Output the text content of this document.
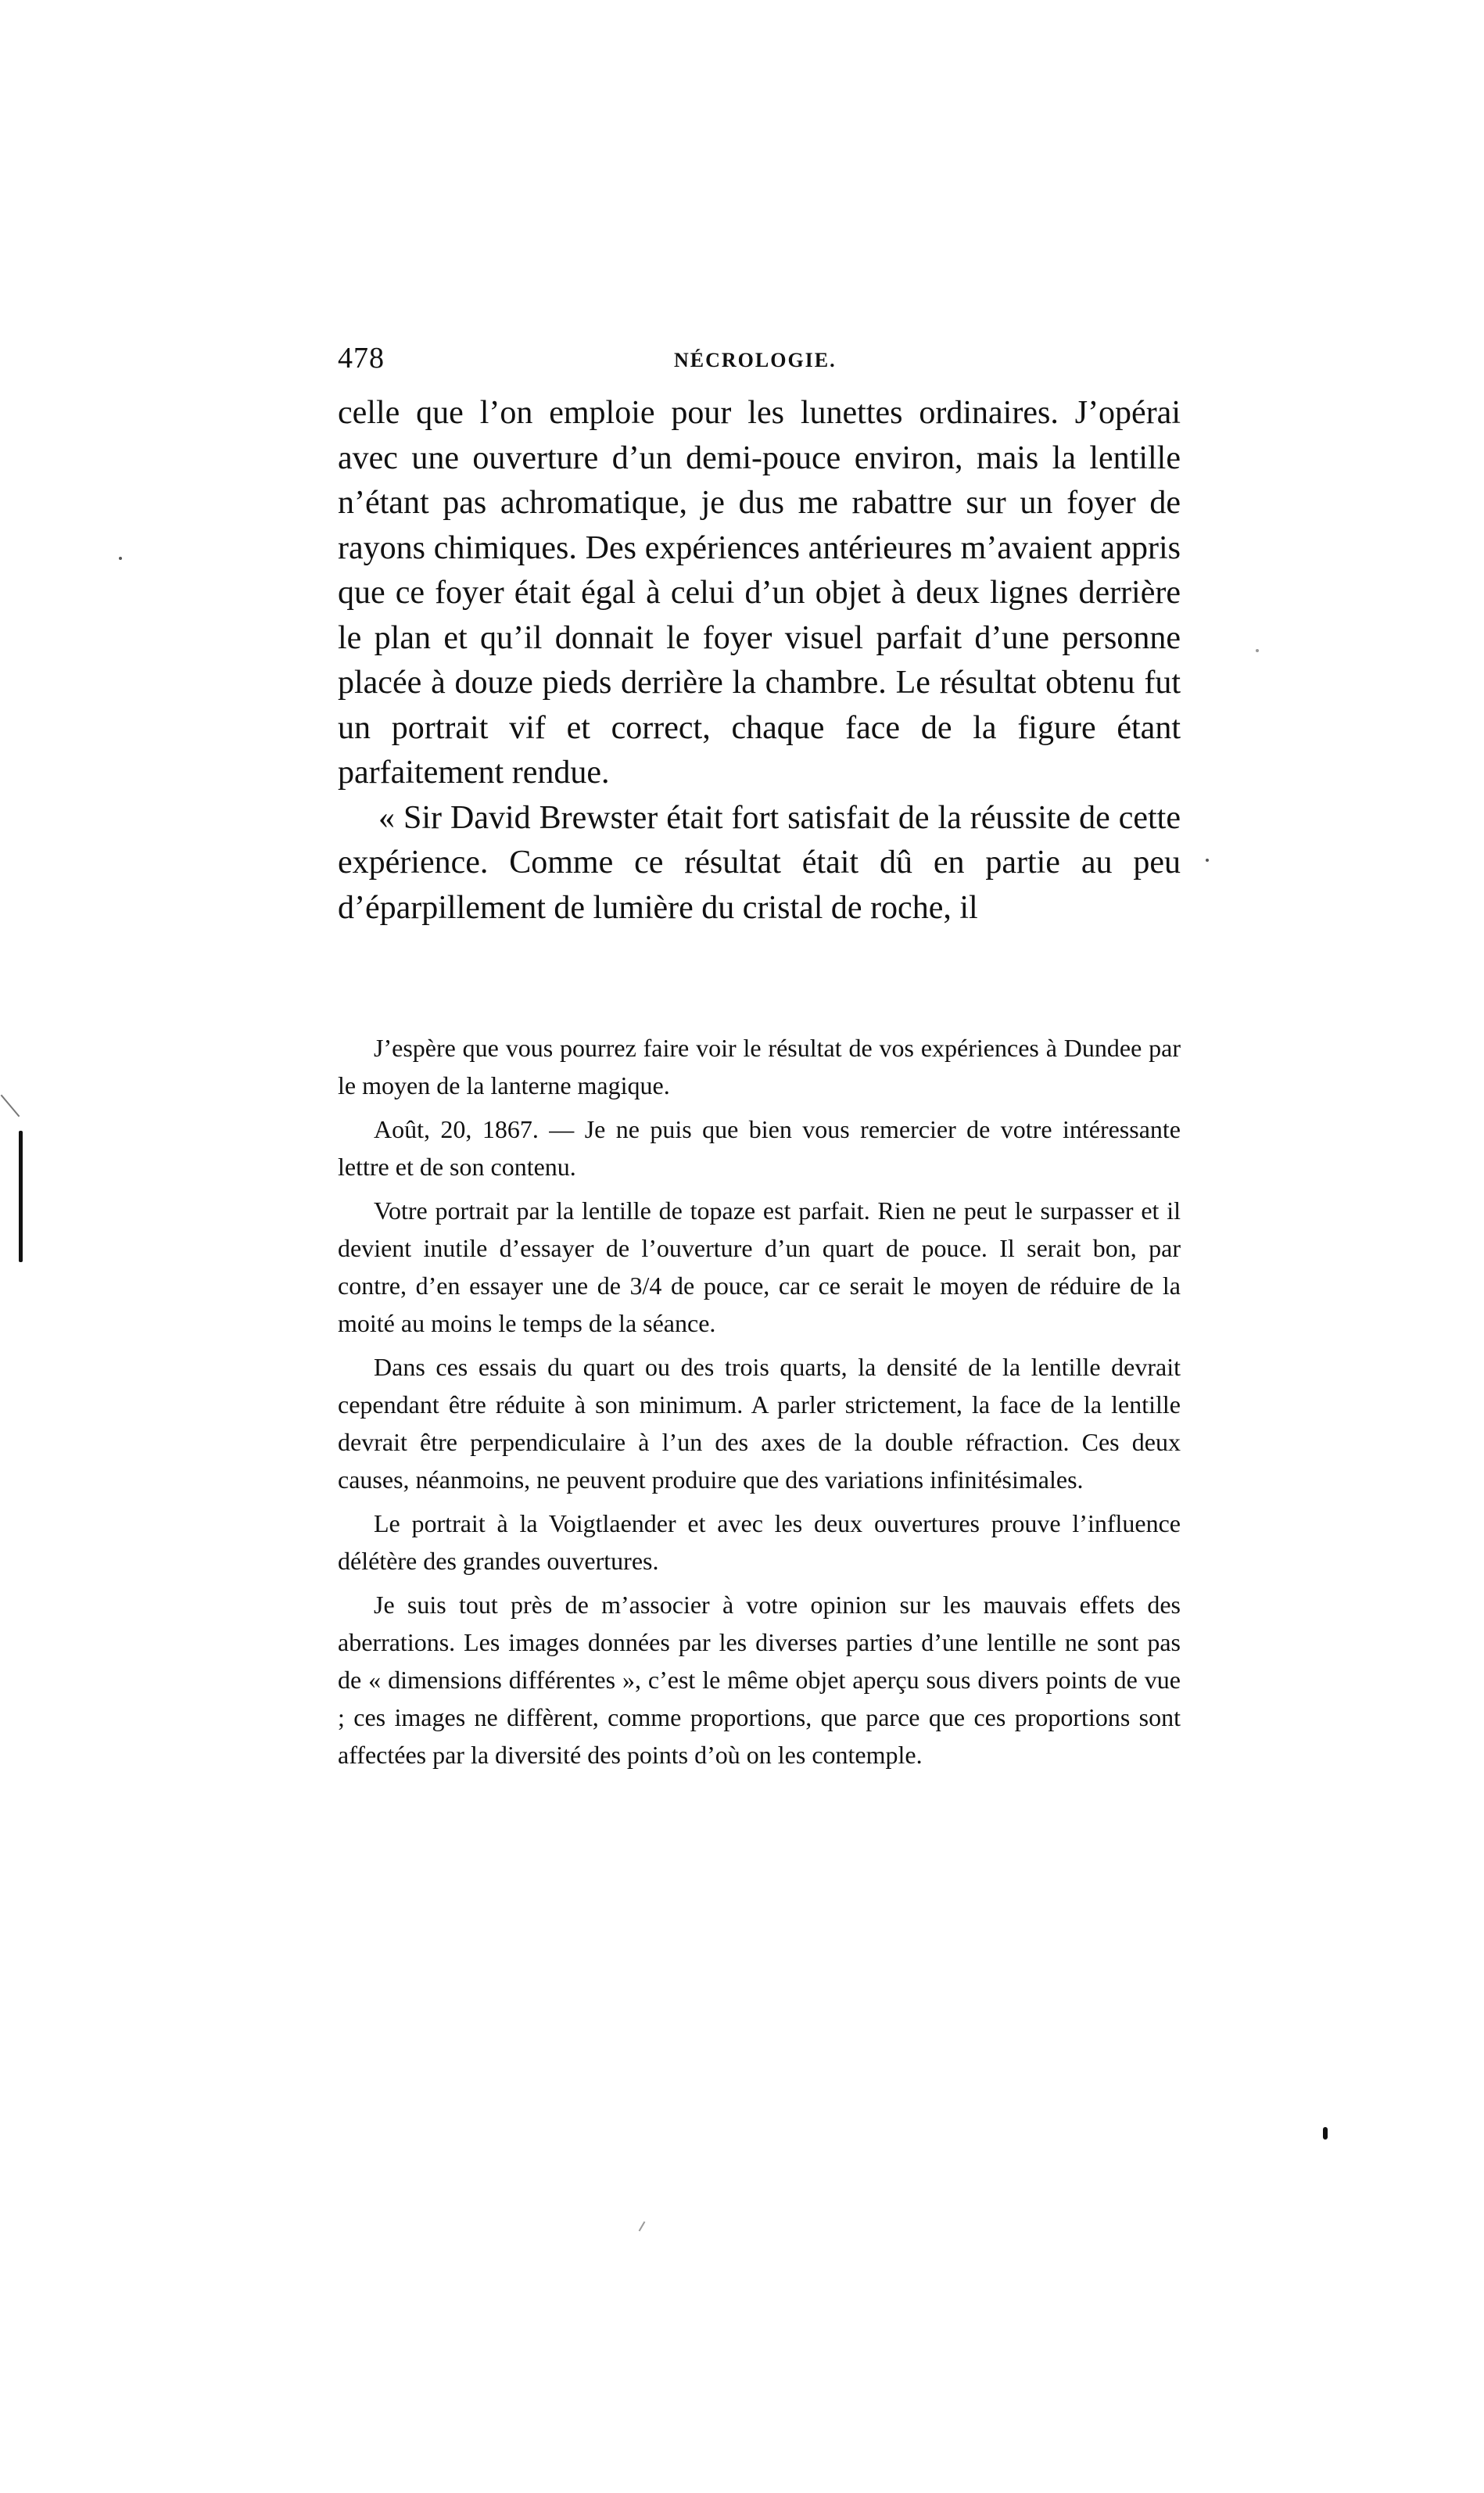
478	NÉCROLOGIE.

celle que l’on emploie pour les lunettes ordinaires. J’opérai avec une ouverture d’un demi-pouce environ, mais la lentille n’étant pas achromatique, je dus me rabattre sur un foyer de rayons chimiques. Des expériences antérieures m’avaient appris que ce foyer était égal à celui d’un objet à deux lignes derrière le plan et qu’il donnait le foyer visuel parfait d’une personne placée à douze pieds derrière la chambre. Le résultat obtenu fut un portrait vif et correct, chaque face de la figure étant parfaitement rendue.

« Sir David Brewster était fort satisfait de la réussite de cette expérience. Comme ce résultat était dû en partie au peu d’éparpillement de lumière du cristal de roche, il

J’espère que vous pourrez faire voir le résultat de vos expériences à Dundee par le moyen de la lanterne magique.

Août, 20, 1867. — Je ne puis que bien vous remercier de votre intéressante lettre et de son contenu.

Votre portrait par la lentille de topaze est parfait. Rien ne peut le surpasser et il devient inutile d’essayer de l’ouverture d’un quart de pouce. Il serait bon, par contre, d’en essayer une de 3/4 de pouce, car ce serait le moyen de réduire de la moité au moins le temps de la séance.

Dans ces essais du quart ou des trois quarts, la densité de la lentille devrait cependant être réduite à son minimum. A parler strictement, la face de la lentille devrait être perpendiculaire à l’un des axes de la double réfraction. Ces deux causes, néanmoins, ne peuvent produire que des variations infinitésimales.

Le portrait à la Voigtlaender et avec les deux ouvertures prouve l’influence délétère des grandes ouvertures.

Je suis tout près de m’associer à votre opinion sur les mauvais effets des aberrations. Les images données par les diverses parties d’une lentille ne sont pas de « dimensions différentes », c’est le même objet aperçu sous divers points de vue ; ces images ne diffèrent, comme proportions, que parce que ces proportions sont affectées par la diversité des points d’où on les contemple.
